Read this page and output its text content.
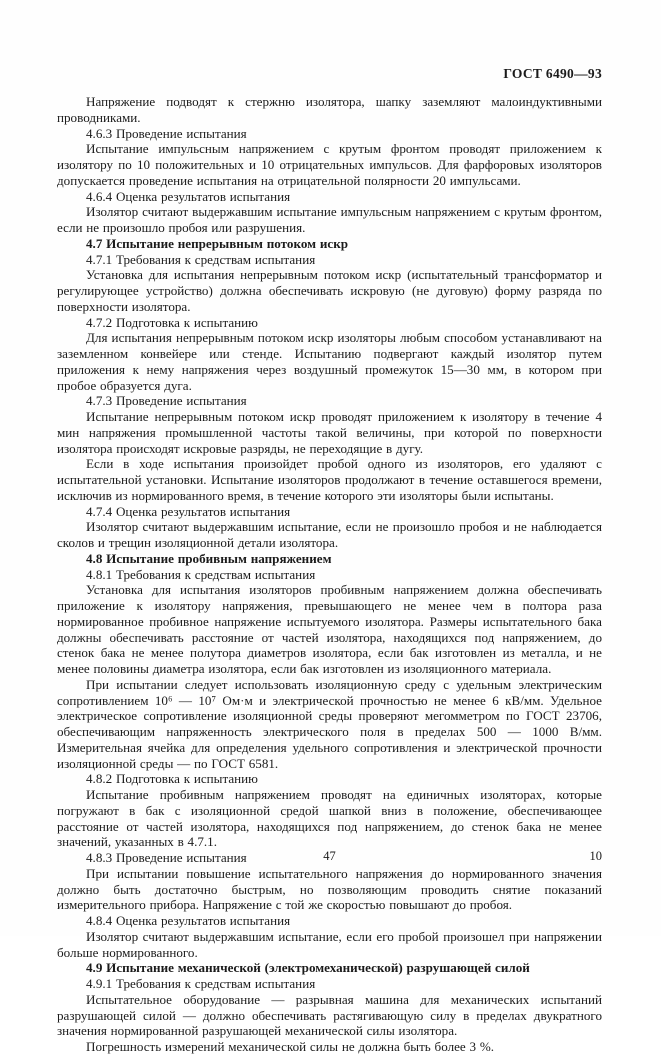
ГОСТ 6490—93

Напряжение подводят к стержню изолятора, шапку заземляют малоиндуктивными проводниками.

4.6.3 Проведение испытания

Испытание импульсным напряжением с крутым фронтом проводят приложением к изолятору по 10 положительных и 10 отрицательных импульсов. Для фарфоровых изоляторов допускается проведение испытания на отрицательной полярности 20 импульсами.

4.6.4 Оценка результатов испытания

Изолятор считают выдержавшим испытание импульсным напряжением с крутым фронтом, если не произошло пробоя или разрушения.

4.7 Испытание непрерывным потоком искр

4.7.1 Требования к средствам испытания

Установка для испытания непрерывным потоком искр (испытательный трансформатор и регулирующее устройство) должна обеспечивать искровую (не дуговую) форму разряда по поверхности изолятора.

4.7.2 Подготовка к испытанию

Для испытания непрерывным потоком искр изоляторы любым способом устанавливают на заземленном конвейере или стенде. Испытанию подвергают каждый изолятор путем приложения к нему напряжения через воздушный промежуток 15—30 мм, в котором при пробое образуется дуга.

4.7.3 Проведение испытания

Испытание непрерывным потоком искр проводят приложением к изолятору в течение 4 мин напряжения промышленной частоты такой величины, при которой по поверхности изолятора происходят искровые разряды, не переходящие в дугу.

Если в ходе испытания произойдет пробой одного из изоляторов, его удаляют с испытательной установки. Испытание изоляторов продолжают в течение оставшегося времени, исключив из нормированного время, в течение которого эти изоляторы были испытаны.

4.7.4 Оценка результатов испытания

Изолятор считают выдержавшим испытание, если не произошло пробоя и не наблюдается сколов и трещин изоляционной детали изолятора.

4.8 Испытание пробивным напряжением

4.8.1 Требования к средствам испытания

Установка для испытания изоляторов пробивным напряжением должна обеспечивать приложение к изолятору напряжения, превышающего не менее чем в полтора раза нормированное пробивное напряжение испытуемого изолятора. Размеры испытательного бака должны обеспечивать расстояние от частей изолятора, находящихся под напряжением, до стенок бака не менее полутора диаметров изолятора, если бак изготовлен из металла, и не менее половины диаметра изолятора, если бак изготовлен из изоляционного материала.

При испытании следует использовать изоляционную среду с удельным электрическим сопротивлением 10⁶ — 10⁷ Ом·м и электрической прочностью не менее 6 кВ/мм. Удельное электрическое сопротивление изоляционной среды проверяют мегомметром по ГОСТ 23706, обеспечивающим напряженность электрического поля в пределах 500 — 1000 В/мм. Измерительная ячейка для определения удельного сопротивления и электрической прочности изоляционной среды — по ГОСТ 6581.

4.8.2 Подготовка к испытанию

Испытание пробивным напряжением проводят на единичных изоляторах, которые погружают в бак с изоляционной средой шапкой вниз в положение, обеспечивающее расстояние от частей изолятора, находящихся под напряжением, до стенок бака не менее значений, указанных в 4.7.1.

4.8.3 Проведение испытания

При испытании повышение испытательного напряжения до нормированного значения должно быть достаточно быстрым, но позволяющим проводить снятие показаний измерительного прибора. Напряжение с той же скоростью повышают до пробоя.

4.8.4 Оценка результатов испытания

Изолятор считают выдержавшим испытание, если его пробой произошел при напряжении больше нормированного.

4.9 Испытание механической (электромеханической) разрушающей силой

4.9.1 Требования к средствам испытания

Испытательное оборудование — разрывная машина для механических испытаний разрушающей силой — должно обеспечивать растягивающую силу в пределах двукратного значения нормированной разрушающей механической силы изолятора.

Погрешность измерений механической силы не должна быть более 3 %.

47	10
